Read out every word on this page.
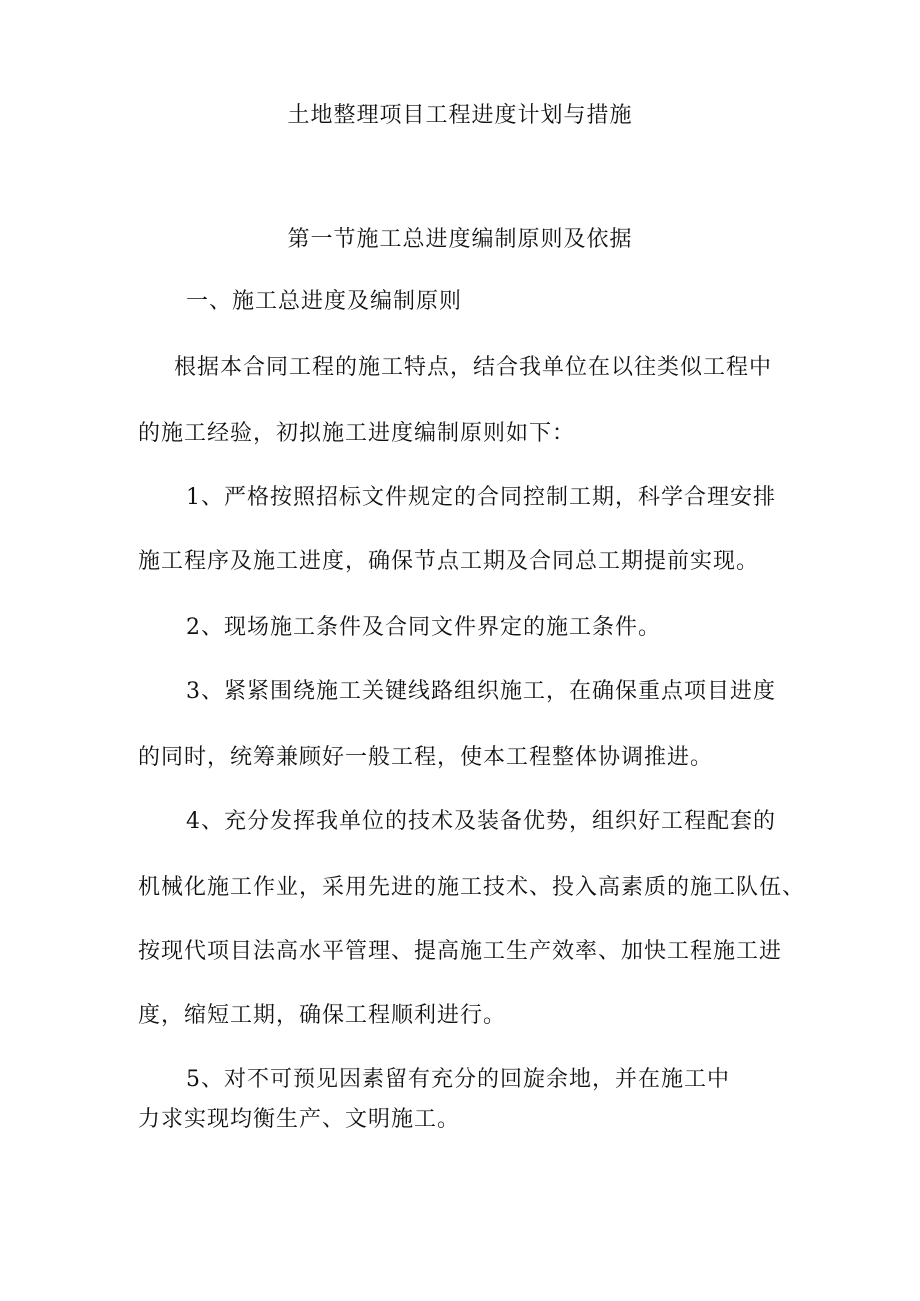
土地整理项目工程进度计划与措施
第一节施工总进度编制原则及依据
一、施工总进度及编制原则
根据本合同工程的施工特点，结合我单位在以往类似工程中
的施工经验，初拟施工进度编制原则如下：
1、严格按照招标文件规定的合同控制工期，科学合理安排
施工程序及施工进度，确保节点工期及合同总工期提前实现。
2、现场施工条件及合同文件界定的施工条件。
3、紧紧围绕施工关键线路组织施工，在确保重点项目进度
的同时，统筹兼顾好一般工程，使本工程整体协调推进。
4、充分发挥我单位的技术及装备优势，组织好工程配套的
机械化施工作业，采用先进的施工技术、投入高素质的施工队伍、
按现代项目法高水平管理、提高施工生产效率、加快工程施工进
度，缩短工期，确保工程顺利进行。
5、对不可预见因素留有充分的回旋余地，并在施工中
力求实现均衡生产、文明施工。
